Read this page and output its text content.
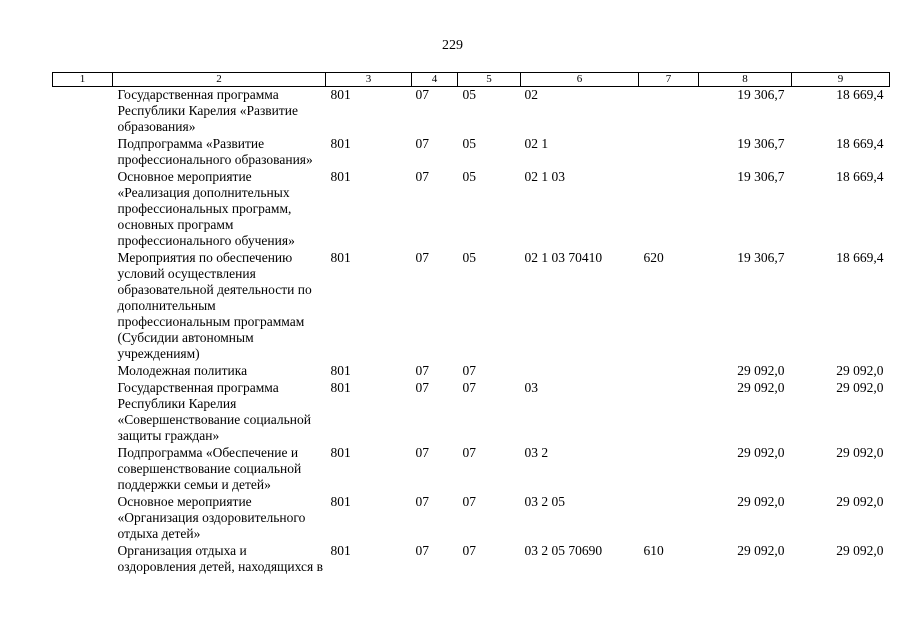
229
1	2	3	4	5	6	7	8	9
	Государственная программа Республики Карелия «Развитие образования»	801	07	05	02		19 306,7	18 669,4
	Подпрограмма «Развитие профессионального образования»	801	07	05	02 1		19 306,7	18 669,4
	Основное мероприятие «Реализация дополнительных профессиональных программ, основных программ профессионального обучения»	801	07	05	02 1 03		19 306,7	18 669,4
	Мероприятия по обеспечению условий осуществления образовательной деятельности по дополнительным профессиональным программам (Субсидии автономным учреждениям)	801	07	05	02 1 03 70410	620	19 306,7	18 669,4
	Молодежная политика	801	07	07			29 092,0	29 092,0
	Государственная программа Республики Карелия «Совершенствование социальной защиты граждан»	801	07	07	03		29 092,0	29 092,0
	Подпрограмма «Обеспечение и совершенствование социальной поддержки семьи и детей»	801	07	07	03 2		29 092,0	29 092,0
	Основное мероприятие «Организация оздоровительного отдыха детей»	801	07	07	03 2 05		29 092,0	29 092,0
	Организация отдыха и оздоровления детей, находящихся в	801	07	07	03 2 05 70690	610	29 092,0	29 092,0
